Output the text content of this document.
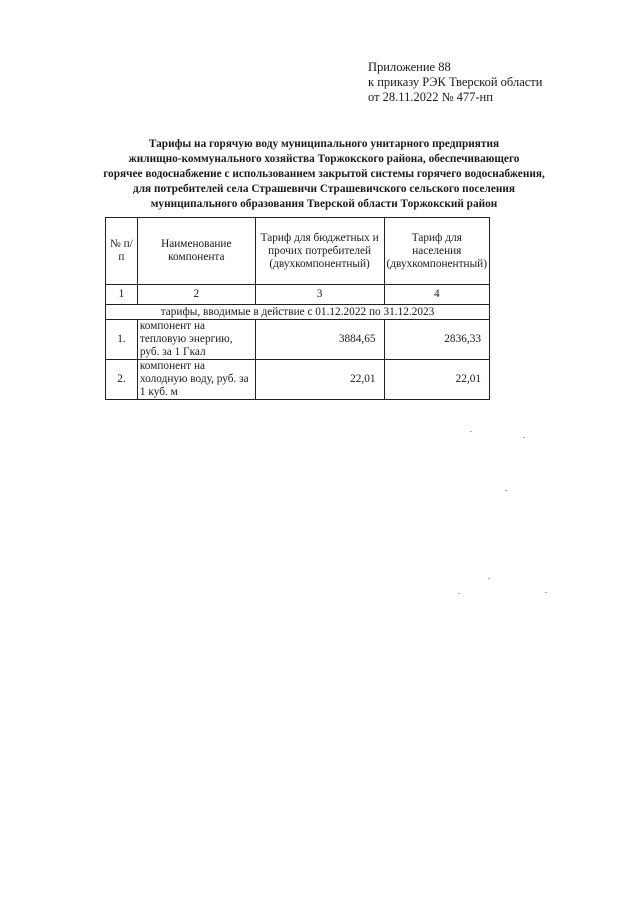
Приложение 88
к приказу РЭК Тверской области
от 28.11.2022 № 477-нп
Тарифы на горячую воду муниципального унитарного предприятия
жилищно-коммунального хозяйства Торжокского района, обеспечивающего
горячее водоснабжение с использованием закрытой системы горячего водоснабжения,
для потребителей села Страшевичи Страшевичского сельского поселения
муниципального образования Тверской области Торжокский район
№ п/п	Наименование компонента	Тариф для бюджетных и прочих потребителей (двухкомпонентный)	Тариф для населения (двухкомпонентный)
1	2	3	4
тарифы, вводимые в действие с 01.12.2022 по 31.12.2023			
1.	компонент на тепловую энергию, руб. за 1 Гкал	3884,65	2836,33
2.	компонент на холодную воду, руб. за 1 куб. м	22,01	22,01
